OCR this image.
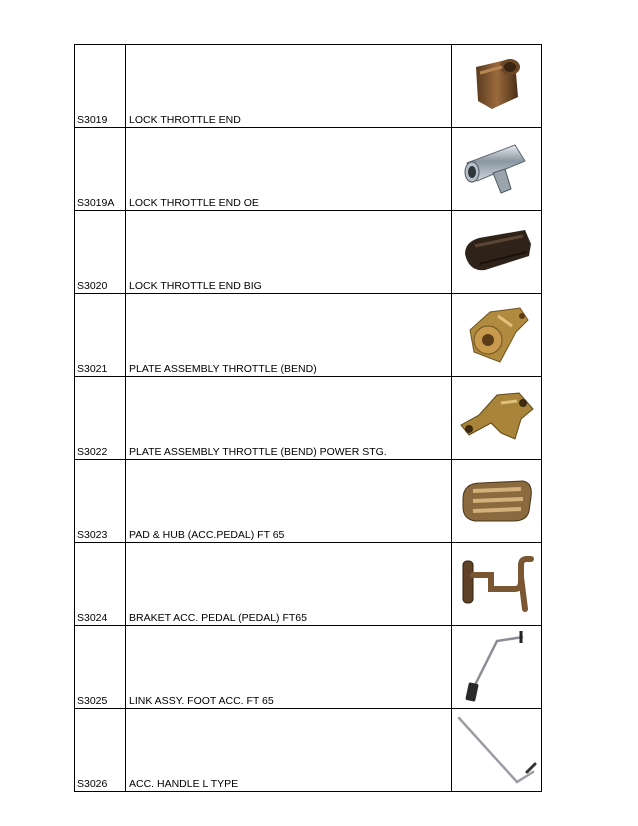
S3019	LOCK THROTTLE END	

S3019A	LOCK THROTTLE END OE	

S3020	LOCK THROTTLE END BIG	

S3021	PLATE ASSEMBLY THROTTLE (BEND)	

S3022	PLATE ASSEMBLY THROTTLE (BEND) POWER STG.	

S3023	PAD & HUB (ACC.PEDAL) FT 65	

S3024	BRAKET ACC. PEDAL (PEDAL) FT65	

S3025	LINK ASSY. FOOT ACC. FT 65	

S3026	ACC. HANDLE L TYPE	
